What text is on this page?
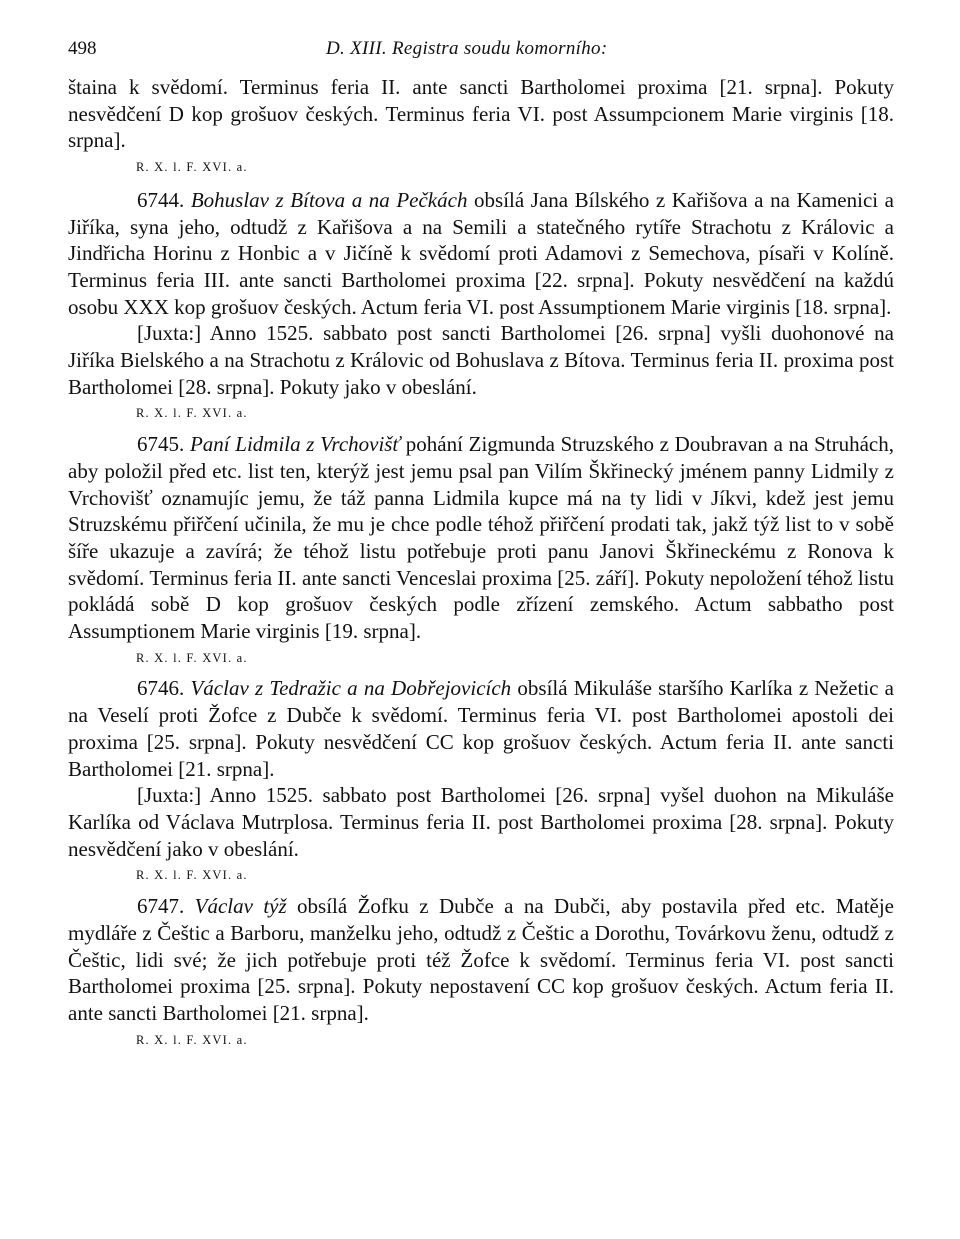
498	D. XIII. Registra soudu komorního:

štaina k svědomí. Terminus feria II. ante sancti Bartholomei proxima [21. srpna]. Pokuty nesvědčení D kop grošuov českých. Terminus feria VI. post Assumpcionem Marie virginis [18. srpna].

R. X. l. F. XVI. a.

6744. Bohuslav z Bítova a na Pečkách obsílá Jana Bílského z Kařišova a na Kamenici a Jiříka, syna jeho, odtudž z Kařišova a na Semili a statečného rytíře Strachotu z Královic a Jindřicha Horinu z Honbic a v Jičíně k svědomí proti Adamovi z Semechova, písaři v Kolíně. Terminus feria III. ante sancti Bartholomei proxima [22. srpna]. Pokuty nesvědčení na každú osobu XXX kop grošuov českých. Actum feria VI. post Assumptionem Marie virginis [18. srpna].

[Juxta:] Anno 1525. sabbato post sancti Bartholomei [26. srpna] vyšli duohonové na Jiříka Bielského a na Strachotu z Královic od Bohuslava z Bítova. Terminus feria II. proxima post Bartholomei [28. srpna]. Pokuty jako v obeslání.

R. X. l. F. XVI. a.

6745. Paní Lidmila z Vrchovišť pohání Zigmunda Struzského z Doubravan a na Struhách, aby položil před etc. list ten, kterýž jest jemu psal pan Vilím Škřinecký jménem panny Lidmily z Vrchovišť oznamujíc jemu, že táž panna Lidmila kupce má na ty lidi v Jíkvi, kdež jest jemu Struzskému přiřčení učinila, že mu je chce podle téhož přiřčení prodati tak, jakž týž list to v sobě šíře ukazuje a zavírá; že téhož listu potřebuje proti panu Janovi Škřineckému z Ronova k svědomí. Terminus feria II. ante sancti Venceslai proxima [25. září]. Pokuty nepoložení téhož listu pokládá sobě D kop grošuov českých podle zřízení zemského. Actum sabbatho post Assumptionem Marie virginis [19. srpna].

R. X. l. F. XVI. a.

6746. Václav z Tedražic a na Dobřejovicích obsílá Mikuláše staršího Karlíka z Nežetic a na Veselí proti Žofce z Dubče k svědomí. Terminus feria VI. post Bartholomei apostoli dei proxima [25. srpna]. Pokuty nesvědčení CC kop grošuov českých. Actum feria II. ante sancti Bartholomei [21. srpna].

[Juxta:] Anno 1525. sabbato post Bartholomei [26. srpna] vyšel duohon na Mikuláše Karlíka od Václava Mutrplosa. Terminus feria II. post Bartholomei proxima [28. srpna]. Pokuty nesvědčení jako v obeslání.

R. X. l. F. XVI. a.

6747. Václav týž obsílá Žofku z Dubče a na Dubči, aby postavila před etc. Matěje mydláře z Češtic a Barboru, manželku jeho, odtudž z Češtic a Dorothu, Továrkovu ženu, odtudž z Češtic, lidi své; že jich potřebuje proti též Žofce k svědomí. Terminus feria VI. post sancti Bartholomei proxima [25. srpna]. Pokuty nepostavení CC kop grošuov českých. Actum feria II. ante sancti Bartholomei [21. srpna].

R. X. l. F. XVI. a.
